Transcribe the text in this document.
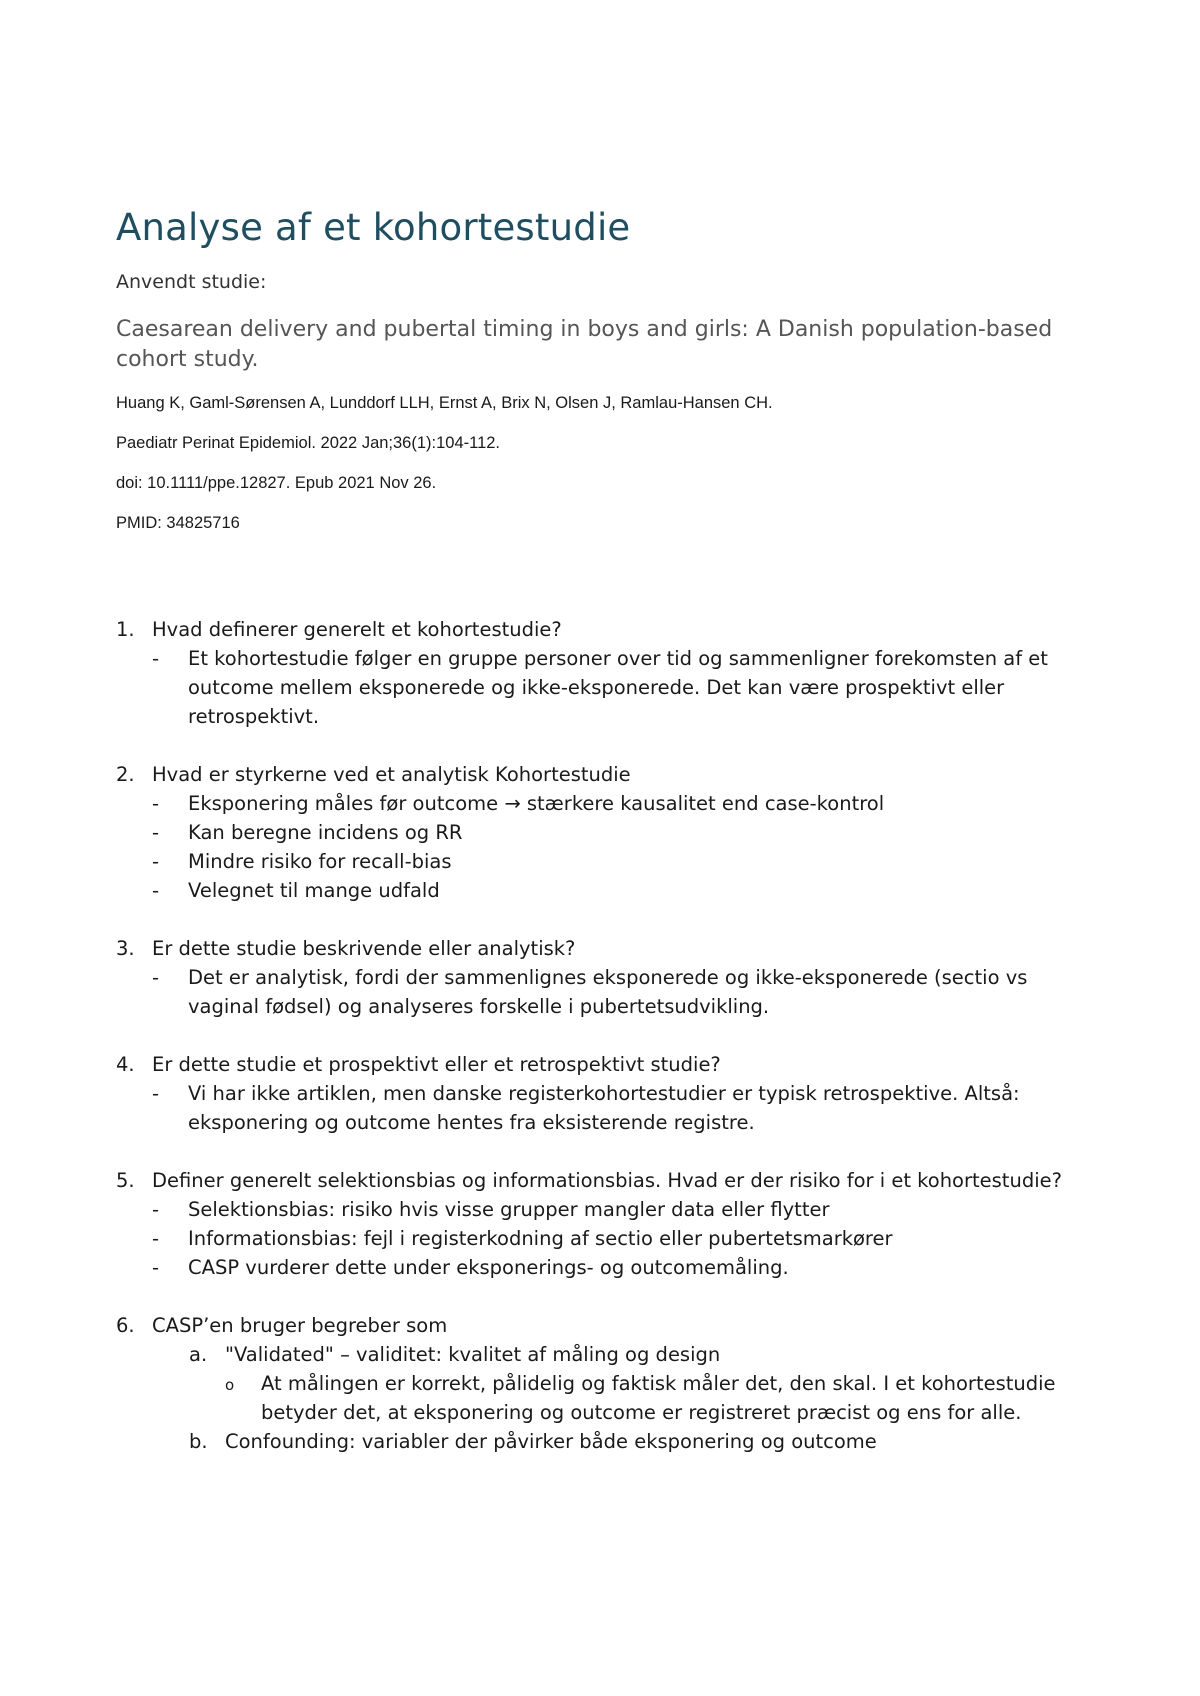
Analyse af et kohortestudie

Anvendt studie:

Caesarean delivery and pubertal timing in boys and girls: A Danish population-based cohort study.

Huang K, Gaml-Sørensen A, Lunddorf LLH, Ernst A, Brix N, Olsen J, Ramlau-Hansen CH.

Paediatr Perinat Epidemiol. 2022 Jan;36(1):104-112.

doi: 10.1111/ppe.12827. Epub 2021 Nov 26.

PMID: 34825716

1. Hvad definerer generelt et kohortestudie?
- Et kohortestudie følger en gruppe personer over tid og sammenligner forekomsten af et outcome mellem eksponerede og ikke-eksponerede. Det kan være prospektivt eller retrospektivt.
2. Hvad er styrkerne ved et analytisk Kohortestudie
- Eksponering måles før outcome → stærkere kausalitet end case-kontrol
- Kan beregne incidens og RR
- Mindre risiko for recall-bias
- Velegnet til mange udfald
3. Er dette studie beskrivende eller analytisk?
- Det er analytisk, fordi der sammenlignes eksponerede og ikke-eksponerede (sectio vs vaginal fødsel) og analyseres forskelle i pubertetsudvikling.
4. Er dette studie et prospektivt eller et retrospektivt studie?
- Vi har ikke artiklen, men danske registerkohortestudier er typisk retrospektive. Altså: eksponering og outcome hentes fra eksisterende registre.
5. Definer generelt selektionsbias og informationsbias. Hvad er der risiko for i et kohortestudie?
- Selektionsbias: risiko hvis visse grupper mangler data eller flytter
- Informationsbias: fejl i registerkodning af sectio eller pubertetsmarkører
- CASP vurderer dette under eksponerings- og outcomemåling.
6. CASP’en bruger begreber som
a. "Validated" – validitet: kvalitet af måling og design
o At målingen er korrekt, pålidelig og faktisk måler det, den skal. I et kohortestudie betyder det, at eksponering og outcome er registreret præcist og ens for alle.
b. Confounding: variabler der påvirker både eksponering og outcome
